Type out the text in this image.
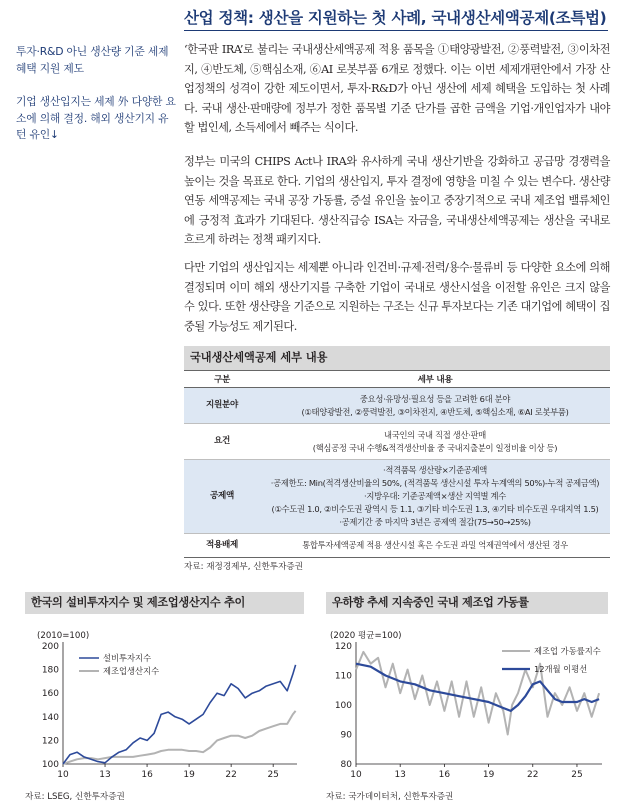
산업 정책: 생산을 지원하는 첫 사례, 국내생산세액공제(조특법)
투자·R&D 아닌 생산량 기준 세제 혜택 지원 제도
기업 생산입지는 세제 外 다양한 요소에 의해 결정. 해외 생산기지 유턴 유인↓
‘한국판 IRA’로 불리는 국내생산세액공제 적용 품목을 ①태양광발전, ②풍력발전, ③이차전지, ④반도체, ⑤핵심소재, ⑥AI 로봇부품 6개로 정했다. 이는 이번 세제개편안에서 가장 산업정책의 성격이 강한 제도이면서, 투자·R&D가 아닌 생산에 세제 혜택을 도입하는 첫 사례다. 국내 생산·판매량에 정부가 정한 품목별 기준 단가를 곱한 금액을 기업·개인업자가 내야 할 법인세, 소득세에서 빼주는 식이다.
정부는 미국의 CHIPS Act나 IRA와 유사하게 국내 생산기반을 강화하고 공급망 경쟁력을 높이는 것을 목표로 한다. 기업의 생산입지, 투자 결정에 영향을 미칠 수 있는 변수다. 생산량 연동 세액공제는 국내 공장 가동률, 증설 유인을 높이고 중장기적으로 국내 제조업 밸류체인에 긍정적 효과가 기대된다. 생산직급승 ISA는 자금을, 국내생산세액공제는 생산을 국내로 흐르게 하려는 정책 패키지다.
다만 기업의 생산입지는 세제뿐 아니라 인건비·규제·전력/용수·물류비 등 다양한 요소에 의해 결정되며 이미 해외 생산기지를 구축한 기업이 국내로 생산시설을 이전할 유인은 크지 않을 수 있다. 또한 생산량을 기준으로 지원하는 구조는 신규 투자보다는 기존 대기업에 혜택이 집중될 가능성도 제기된다.
국내생산세액공제 세부 내용
구분	세부 내용
지원분야	중요성·유망성·필요성 등을 고려한 6대 분야
(①태양광발전, ②풍력발전, ③이차전지, ④반도체, ⑤핵심소재, ⑥AI 로봇부품)

요건	내국인의 국내 직접 생산·판매
(핵심공정 국내 수행&적격생산비율 중 국내지출분이 일정비율 이상 등)

공제액	·적격품목 생산량×기준공제액
·공제한도: Min(적격생산비율의 50%, (적격품목 생산시설 투자 누계액의 50%)-누적 공제금액)
·지방우대: 기준공제액×생산 지역별 계수
(①수도권 1.0, ②비수도권 광역시 등 1.1, ③기타 비수도권 1.3, ④기타 비수도권 우대지역 1.5)
·공제기간 중 마지막 3년은 공제액 절감(75→50→25%)

적용배제	통합투자세액공제 적용 생산시설 혹은 수도권 과밀 억제권역에서 생산된 경우
자료: 재정경제부, 신한투자증권
한국의 설비투자지수 및 제조업생산지수 추이
(2010=100)
100
120
140
160
180
200
10	13	16	19	22	25
설비투자지수
제조업생산지수
자료: LSEG, 신한투자증권
우하향 추세 지속중인 국내 제조업 가동률
(2020 평균=100)
80
90
100
110
120
10	13	16	19	22	25
제조업 가동률지수
12개월 이평선
자료: 국가데이터처, 신한투자증권
